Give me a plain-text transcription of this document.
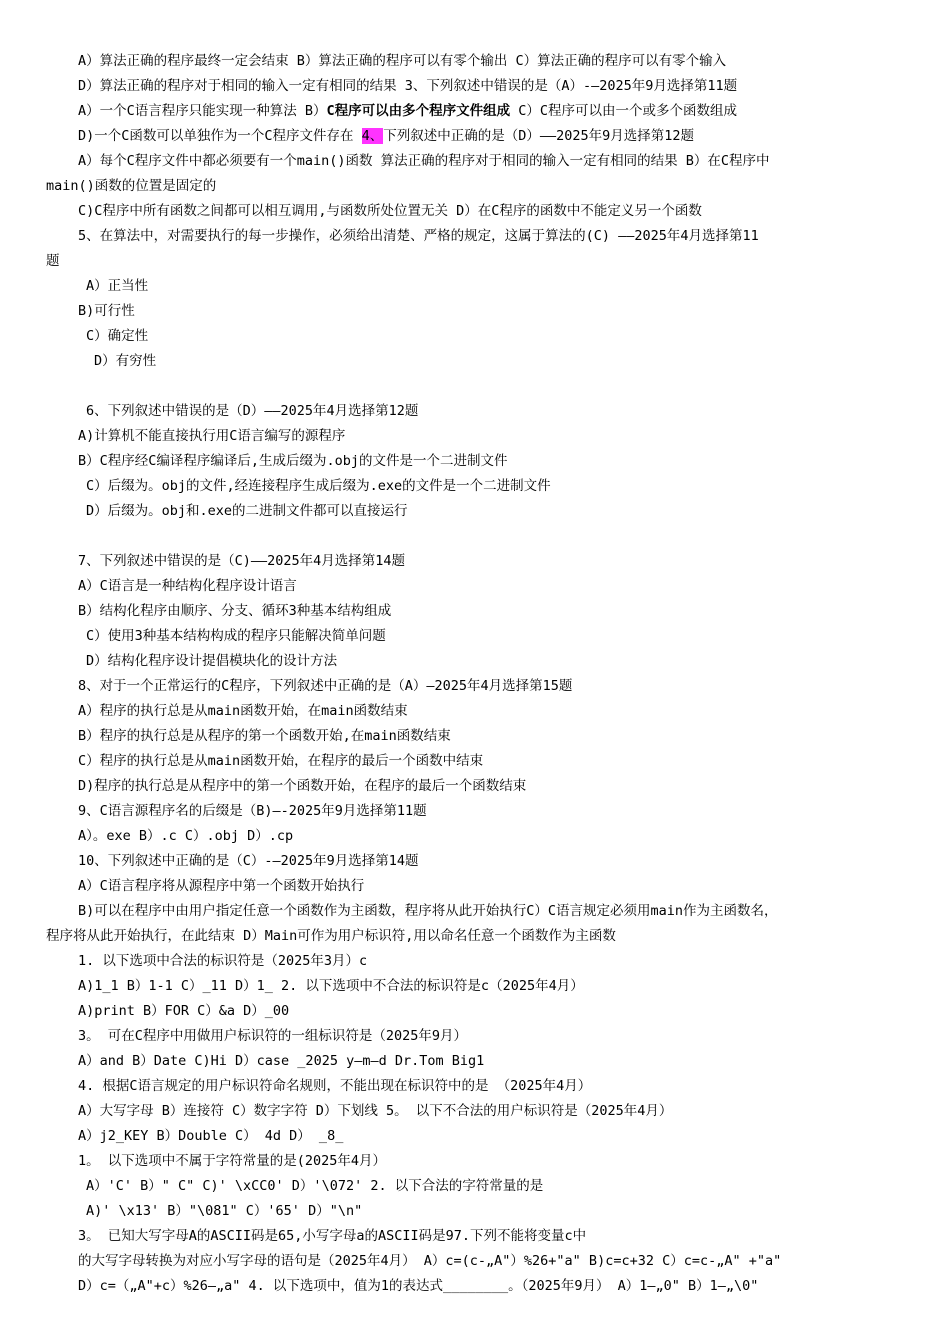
A）算法正确的程序最终一定会结束 B）算法正确的程序可以有零个输出 C）算法正确的程序可以有零个输入
D）算法正确的程序对于相同的输入一定有相同的结果 3、下列叙述中错误的是（A）-—2025年9月选择第11题
A）一个C语言程序只能实现一种算法 B）C程序可以由多个程序文件组成 C）C程序可以由一个或多个函数组成
D)一个C函数可以单独作为一个C程序文件存在 4、下列叙述中正确的是（D）——2025年9月选择第12题
A）每个C程序文件中都必须要有一个main()函数 算法正确的程序对于相同的输入一定有相同的结果 B）在C程序中
main()函数的位置是固定的
C)C程序中所有函数之间都可以相互调用,与函数所处位置无关 D）在C程序的函数中不能定义另一个函数
5、在算法中，对需要执行的每一步操作，必须给出清楚、严格的规定，这属于算法的(C) ——2025年4月选择第11
题
A）正当性
B)可行性
C）确定性
D）有穷性
6、下列叙述中错误的是（D）——2025年4月选择第12题
A)计算机不能直接执行用C语言编写的源程序
B）C程序经C编译程序编译后,生成后缀为.obj的文件是一个二进制文件
C）后缀为。obj的文件,经连接程序生成后缀为.exe的文件是一个二进制文件
D）后缀为。obj和.exe的二进制文件都可以直接运行
7、下列叙述中错误的是（C)——2025年4月选择第14题
A）C语言是一种结构化程序设计语言
B）结构化程序由顺序、分支、循环3种基本结构组成
C）使用3种基本结构构成的程序只能解决简单问题
D）结构化程序设计提倡模块化的设计方法
8、对于一个正常运行的C程序，下列叙述中正确的是（A）—2025年4月选择第15题
A）程序的执行总是从main函数开始，在main函数结束
B）程序的执行总是从程序的第一个函数开始,在main函数结束
C）程序的执行总是从main函数开始，在程序的最后一个函数中结束
D)程序的执行总是从程序中的第一个函数开始，在程序的最后一个函数结束
9、C语言源程序名的后缀是（B)—-2025年9月选择第11题
A）。exe B）.c C）.obj D）.cp
10、下列叙述中正确的是（C）-—2025年9月选择第14题
A）C语言程序将从源程序中第一个函数开始执行
B)可以在程序中由用户指定任意一个函数作为主函数，程序将从此开始执行C）C语言规定必须用main作为主函数名，
程序将从此开始执行，在此结束 D）Main可作为用户标识符,用以命名任意一个函数作为主函数
1. 以下选项中合法的标识符是（2025年3月）c
A)1_1 B）1-1 C）_11 D）1_ 2. 以下选项中不合法的标识符是c（2025年4月）
A)print B）FOR C）&a D）_00
3。 可在C程序中用做用户标识符的一组标识符是（2025年9月）
A）and B）Date C)Hi D）case _2025 y—m—d Dr.Tom Big1
4. 根据C语言规定的用户标识符命名规则，不能出现在标识符中的是 （2025年4月）
A）大写字母 B）连接符 C）数字字符 D）下划线 5。 以下不合法的用户标识符是（2025年4月）
A）j2_KEY B）Double C） 4d D） _8_
1。 以下选项中不属于字符常量的是(2025年4月）
A）'C' B）" C" C)' \xCC0' D）'\072' 2. 以下合法的字符常量的是
A)' \x13' B）"\081" C）'65' D）"\n"
3。 已知大写字母A的ASCII码是65,小写字母a的ASCII码是97.下列不能将变量c中
的大写字母转换为对应小写字母的语句是（2025年4月） A）c=(c-„A"）%26+"a" B)c=c+32 C）c=c-„A" +"a"
D）c=（„A"+c）%26—„a" 4. 以下选项中，值为1的表达式________。（2025年9月） A）1—„0" B）1—„\0"
